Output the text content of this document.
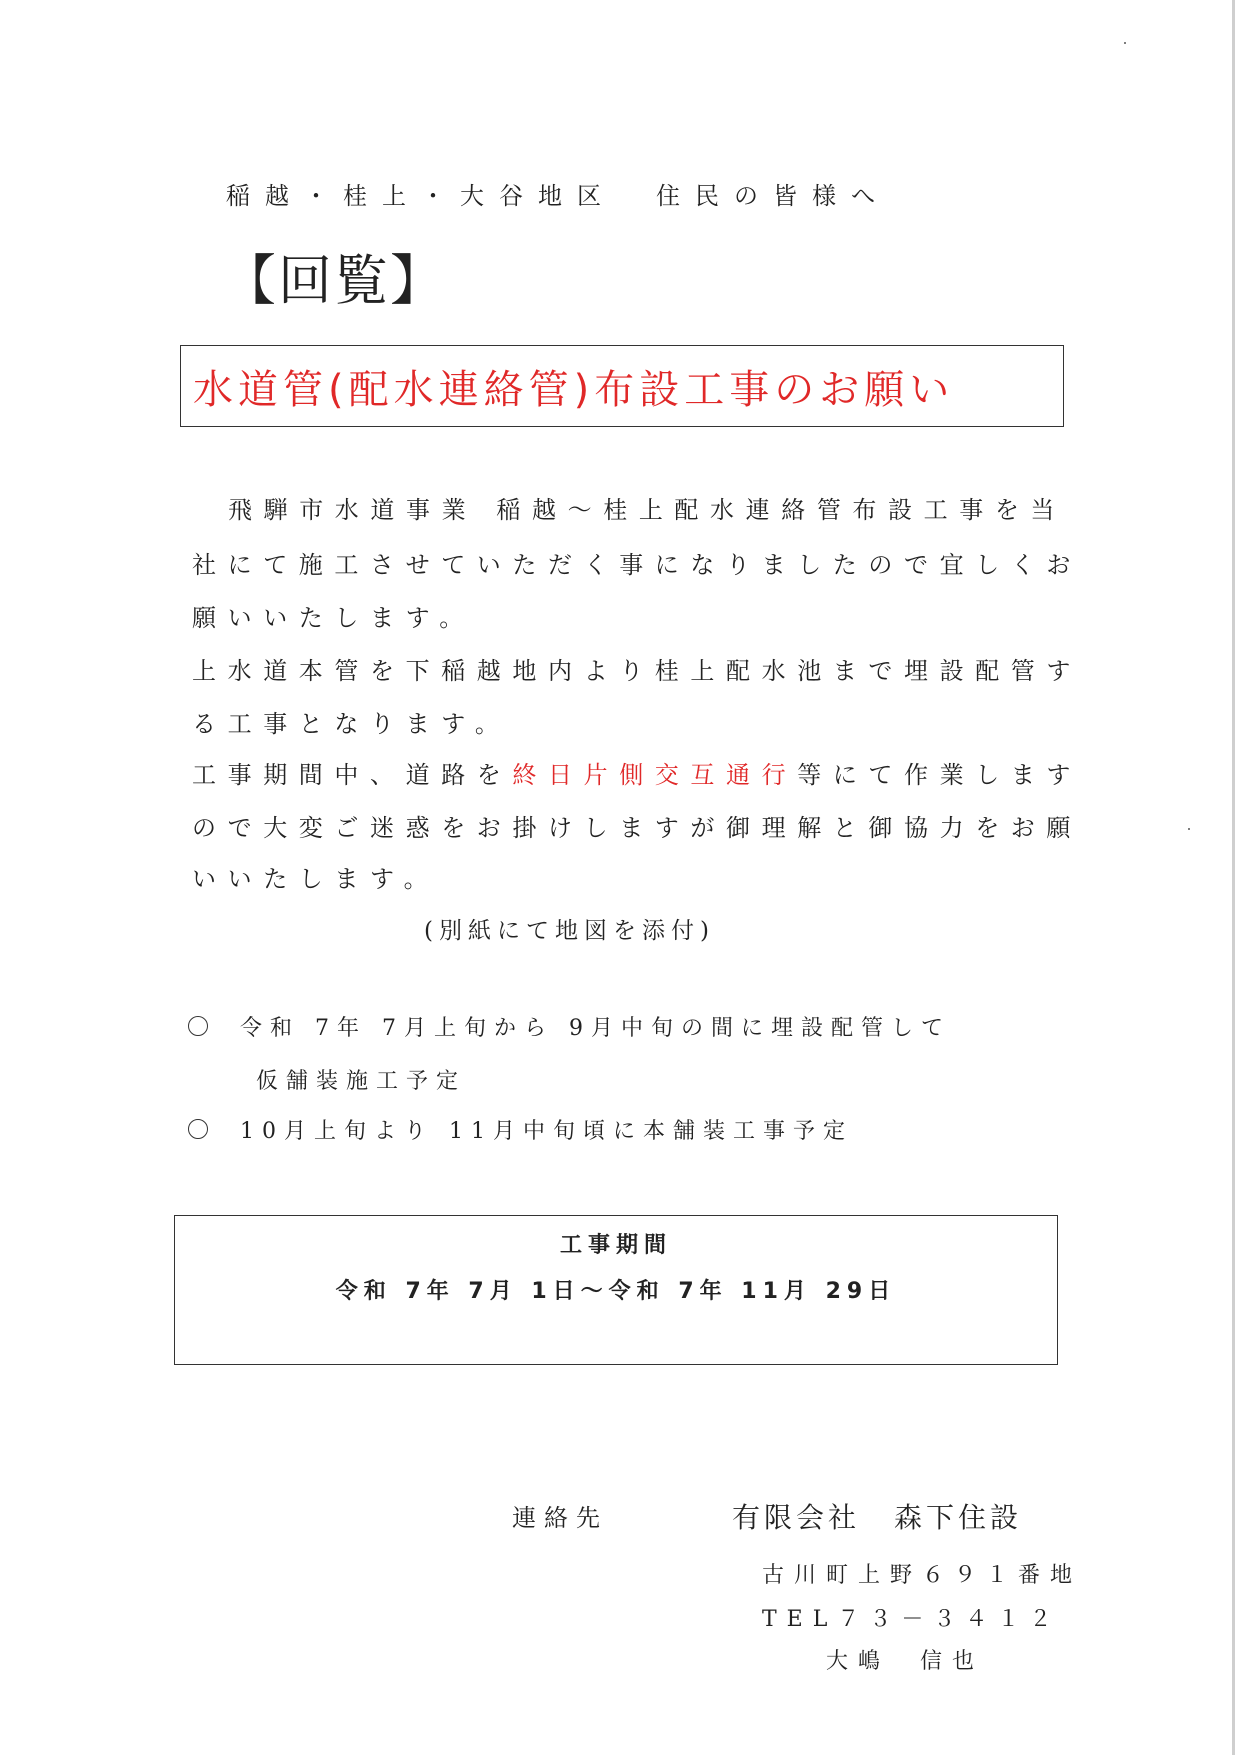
稲越・桂上・大谷地区 住民の皆様へ
【回覧】
水道管(配水連絡管)布設工事のお願い
飛騨市水道事業 稲越～桂上配水連絡管布設工事を当
社にて施工させていただく事になりましたので宜しくお
願いいたします。
上水道本管を下稲越地内より桂上配水池まで埋設配管す
る工事となります。
工事期間中、道路を終日片側交互通行等にて作業します
ので大変ご迷惑をお掛けしますが御理解と御協力をお願
いいたします。
(別紙にて地図を添付)
令和 7年 7月上旬から 9月中旬の間に埋設配管して
仮舗装施工予定
10月上旬より 11月中旬頃に本舗装工事予定
工事期間
令和 7年 7月 1日～令和 7年 11月 29日
連絡先	有限会社 森下住設
古川町上野６９１番地
TEL７３－３４１２
大嶋 信也
